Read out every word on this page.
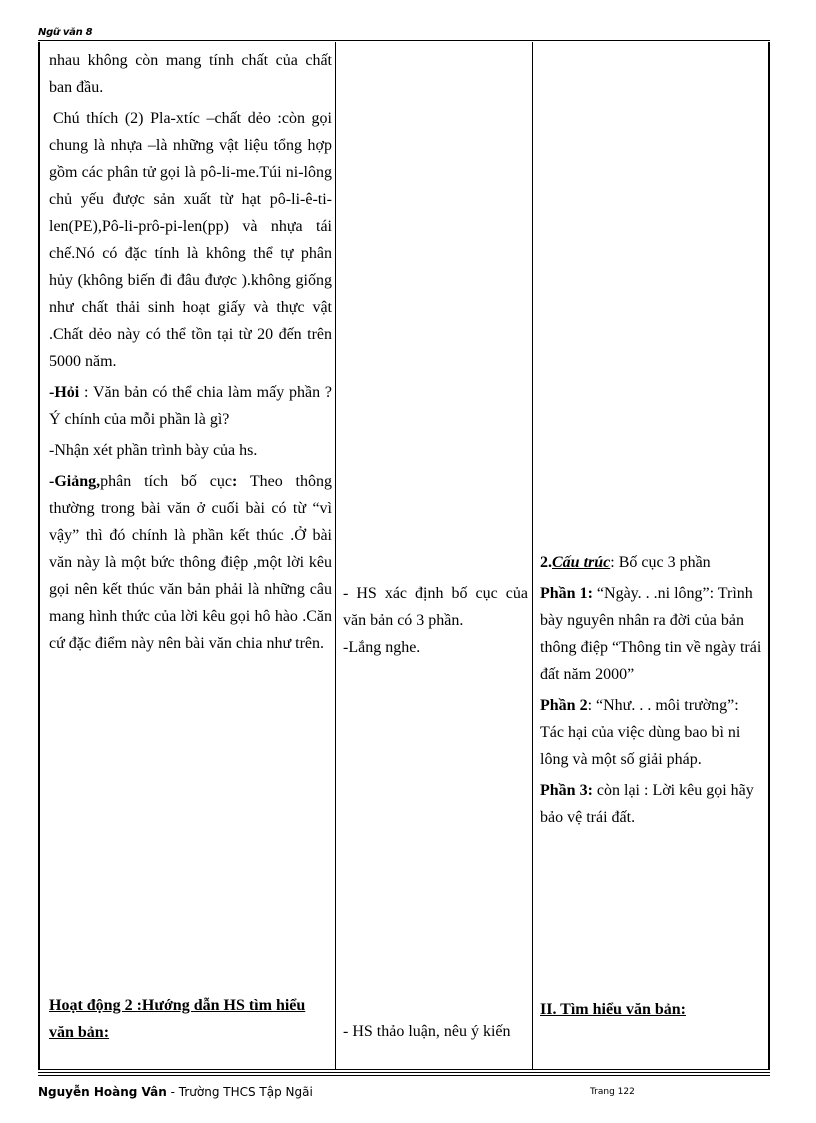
Ngữ văn 8

nhau không còn mang tính chất của chất ban đầu.

Chú thích (2) Pla-xtíc –chất dẻo :còn gọi chung là nhựa –là những vật liệu tổng hợp gồm các phân tử gọi là pô-li-me.Túi ni-lông chủ yếu được sản xuất từ hạt pô-li-ê-ti-len(PE),Pô-li-prô-pi-len(pp) và nhựa tái chế.Nó có đặc tính là không thể tự phân hủy (không biến đi đâu được ).không giống như chất thải sinh hoạt giấy và thực vật .Chất dẻo này có thể tồn tại từ 20 đến trên 5000 năm.

-Hỏi : Văn bản có thể chia làm mấy phần ? Ý chính của mỗi phần là gì?

-Nhận xét phần trình bày của hs.

-Giảng,phân tích bố cục: Theo thông thường trong bài văn ở cuối bài có từ “vì vậy” thì đó chính là phần kết thúc .Ở bài văn này là một bức thông điệp ,một lời kêu gọi nên kết thúc văn bản phải là những câu mang hình thức của lời kêu gọi hô hào .Căn cứ đặc điểm này nên bài văn chia như trên.

Hoạt động 2 :Hướng dẫn HS tìm hiểu văn bản:
- HS xác định bố cục của văn bản có 3 phần.
-Lắng nghe.
- HS thảo luận, nêu ý kiến

2.Cấu trúc: Bố cục 3 phần

Phần 1: “Ngày. . .ni lông”: Trình bày nguyên nhân ra đời của bản thông điệp “Thông tin về ngày trái đất năm 2000”

Phần 2: “Như. . . môi trường”: Tác hại của việc dùng bao bì ni lông và một số giải pháp.

Phần 3: còn lại : Lời kêu gọi hãy bảo vệ trái đất.

II. Tìm hiểu văn bản:
Nguyễn Hoàng Vân - Trường THCS Tập Ngãi	Trang 122
